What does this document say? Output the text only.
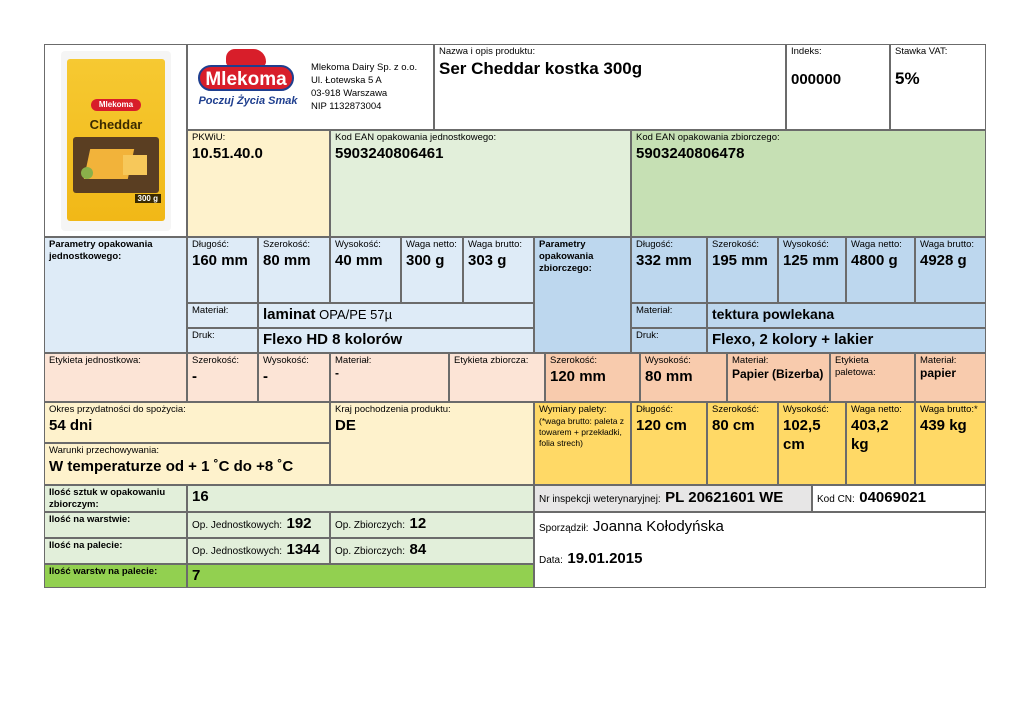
Mlekoma
Cheddar
300 g
Mlekoma
Poczuj Życia Smak
Mlekoma Dairy Sp. z o.o.
Ul. Łotewska 5 A
03-918 Warszawa
NIP 1132873004
Nazwa i opis produktu:
Ser Cheddar kostka 300g
Indeks:
000000
Stawka VAT:
5%
PKWiU:
10.51.40.0
Kod EAN opakowania jednostkowego:
5903240806461
Kod EAN opakowania zbiorczego:
5903240806478
Parametry opakowania jednostkowego:
Długość:
160 mm
Szerokość:
80 mm
Wysokość:
40 mm
Waga netto:
300 g
Waga brutto:
303 g
Materiał:	laminat OPA/PE 57µ
Druk:	Flexo HD 8 kolorów
Parametry opakowania zbiorczego:
Długość:
332 mm
Szerokość:
195 mm
Wysokość:
125 mm
Waga netto:
4800 g
Waga brutto:
4928 g
Materiał:	tektura powlekana
Druk:	Flexo, 2 kolory + lakier
Etykieta jednostkowa:	Szerokość:
-
Wysokość:
-
Materiał:
-
Etykieta zbiorcza:	Szerokość:
120 mm
Wysokość:
80 mm
Materiał:
Papier (Bizerba)
Etykieta paletowa:
Materiał:
papier
Okres przydatności do spożycia:
54 dni
Kraj pochodzenia produktu:
DE
Warunki przechowywania:
W temperaturze od + 1 ˚C do +8 ˚C
Wymiary palety:
(*waga brutto: paleta z towarem + przekładki, folia strech)
Długość:
120 cm
Szerokość:
80 cm
Wysokość:
102,5 cm
Waga netto:
403,2 kg
Waga brutto:*
439 kg
Ilość sztuk w opakowaniu zbiorczym:	16	Nr inspekcji weterynaryjnej: PL 20621601 WE	Kod CN: 04069021
Ilość na warstwie:
Op. Jednostkowych: 192	Op. Zbiorczych: 12
Ilość na palecie:
Op. Jednostkowych: 1344	Op. Zbiorczych: 84
Ilość warstw na palecie:	7
Sporządził: Joanna Kołodyńska
Data: 19.01.2015
